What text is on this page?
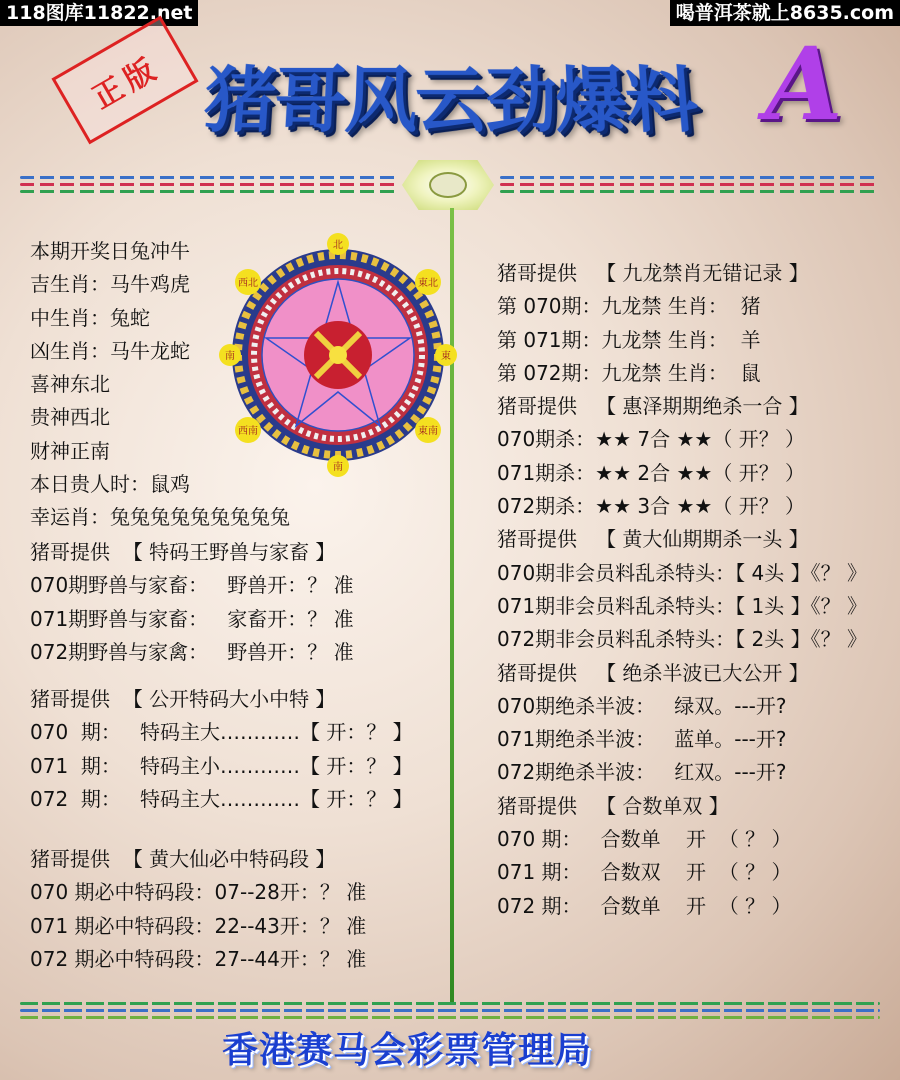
118图库11822.net	喝普洱茶就上8635.com
正版 猪哥风云劲爆料 A
北
南
東
南
西北	東北
西南	東南
本期开奖日兔冲牛
吉生肖：马牛鸡虎
中生肖：兔蛇
凶生肖：马牛龙蛇
喜神东北
贵神西北
财神正南
本日贵人时：鼠鸡
幸运肖：兔兔兔兔兔兔兔兔兔
猪哥提供  【 特码王野兽与家畜 】
070期野兽与家畜：   野兽开：？ 准
071期野兽与家畜：   家畜开：？ 准
072期野兽与家禽：   野兽开：？ 准
猪哥提供  【 公开特码大小中特 】
070  期：   特码主大…………【 开：？ 】
071  期：   特码主小…………【 开：？ 】
072  期：   特码主大…………【 开：？ 】
猪哥提供  【 黄大仙必中特码段 】
070 期必中特码段：07--28开：？ 准
071 期必中特码段：22--43开：？ 准
072 期必中特码段：27--44开：？ 准
猪哥提供   【 九龙禁肖无错记录 】
第 070期：九龙禁 生肖：  猪
第 071期：九龙禁 生肖：  羊
第 072期：九龙禁 生肖：  鼠
猪哥提供   【 惠泽期期绝杀一合 】
070期杀：★★ 7合 ★★（ 开？ ）
071期杀：★★ 2合 ★★（ 开？ ）
072期杀：★★ 3合 ★★（ 开？ ）
猪哥提供   【 黄大仙期期杀一头 】
070期非会员料乱杀特头：【 4头 】《？ 》
071期非会员料乱杀特头：【 1头 】《？ 》
072期非会员料乱杀特头：【 2头 】《？ 》
猪哥提供   【 绝杀半波已大公开 】
070期绝杀半波：   绿双。---开?
071期绝杀半波：   蓝单。---开?
072期绝杀半波：   红双。---开?
猪哥提供   【 合数单双 】
070 期：   合数单    开  （ ？ ）
071 期：   合数双    开  （ ？ ）
072 期：   合数单    开  （ ？ ）
香港赛马会彩票管理局
